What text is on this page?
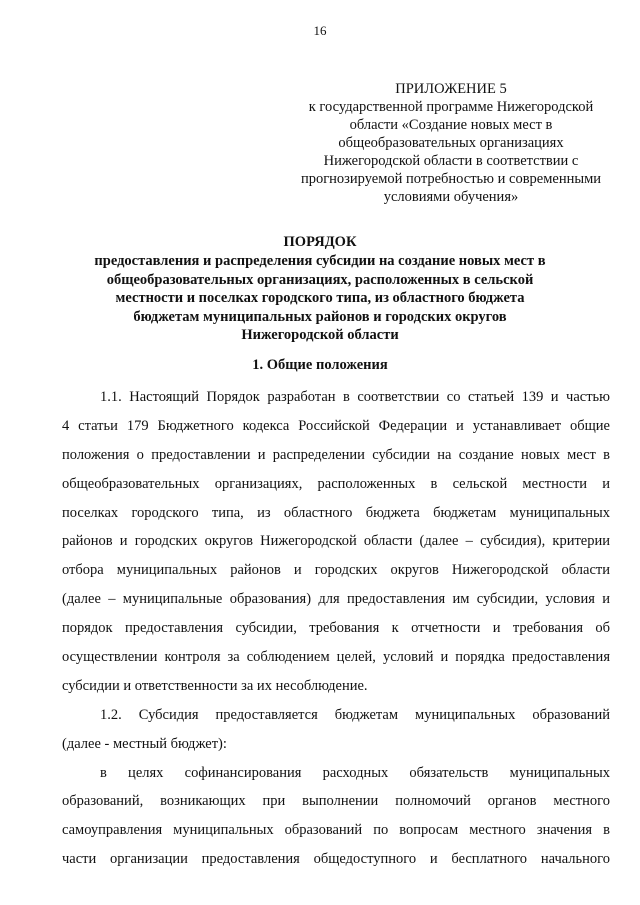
16
ПРИЛОЖЕНИЕ 5
к государственной программе Нижегородской
области «Создание новых мест в
общеобразовательных организациях
Нижегородской области в соответствии с
прогнозируемой потребностью и современными
условиями обучения»
ПОРЯДОК
предоставления и распределения субсидии на создание новых мест в
общеобразовательных организациях, расположенных в сельской
местности и поселках городского типа, из областного бюджета
бюджетам муниципальных районов и городских округов
Нижегородской области
1. Общие положения
1.1. Настоящий Порядок разработан в соответствии со статьей 139 и частью
4 статьи 179 Бюджетного кодекса Российской Федерации и устанавливает общие
положения о предоставлении и распределении субсидии на создание новых мест в
общеобразовательных организациях, расположенных в сельской местности и
поселках городского типа, из областного бюджета бюджетам муниципальных
районов и городских округов Нижегородской области (далее – субсидия), критерии
отбора муниципальных районов и городских округов Нижегородской области
(далее – муниципальные образования) для предоставления им субсидии, условия и
порядок предоставления субсидии, требования к отчетности и требования об
осуществлении контроля за соблюдением целей, условий и порядка предоставления
субсидии и ответственности за их несоблюдение.
1.2. Субсидия предоставляется бюджетам муниципальных образований
(далее - местный бюджет):
в целях софинансирования расходных обязательств муниципальных
образований, возникающих при выполнении полномочий органов местного
самоуправления муниципальных образований по вопросам местного значения в
части организации предоставления общедоступного и бесплатного начального
